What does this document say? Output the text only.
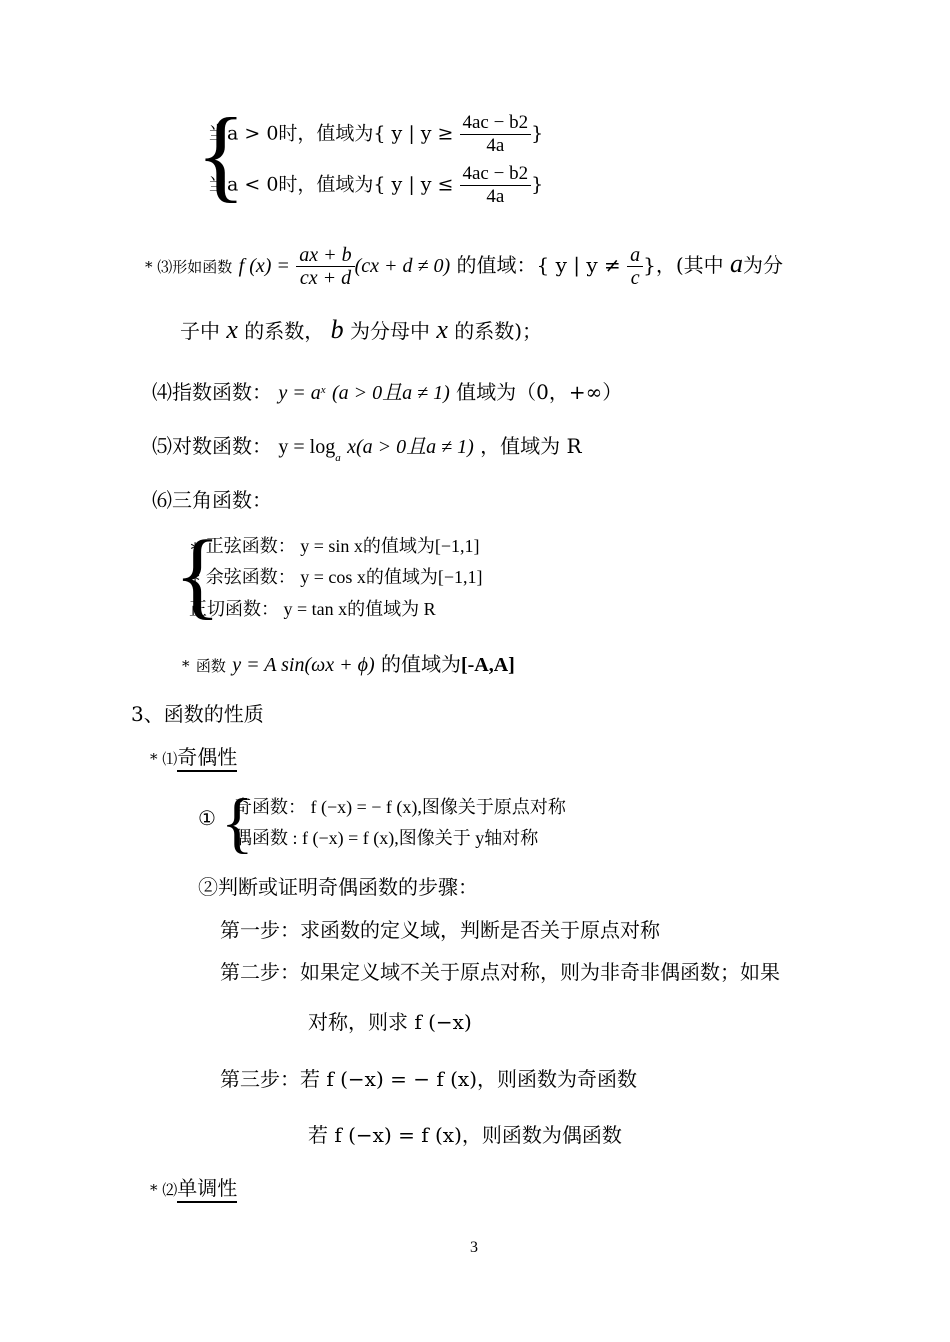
{
当a > 0时，值域为{ y | $y \ge \frac{4ac - b2}{4a}$ }
当a < 0时，值域为{ y | $y \le \frac{4ac - b2}{4a}$ }
* ⑶形如函数 f $(x) = \frac{ax + b}{cx + d} (cx + d \ne 0)$ 的值域：{ y | $y \ne \frac{a}{c}$ }，(其中 a为分
子中 x 的系数， b 为分母中 x 的系数)；
⑷指数函数： $y = a^x$ (a > 0且a ≠ 1) 值域为（0，+∞）
⑸对数函数： $y = \log_a x(a > 0$且a ≠ 1) ，值域为 R
⑹三角函数：
{
∗ 正弦函数： y = sin x的值域为[−1,1]
∗ 余弦函数： y = cos x的值域为[−1,1]
正切函数： y = tan x的值域为 R
* 函数 y = A sin(ωx + ϕ) 的值域为[-A,A]
3、函数的性质
* ⑴奇偶性
① {
奇函数： f (−x) = − f (x),图像关于原点对称
偶函数 : f (−x) = f (x),图像关于 y轴对称
②判断或证明奇偶函数的步骤：
第一步：求函数的定义域，判断是否关于原点对称
第二步：如果定义域不关于原点对称，则为非奇非偶函数；如果
对称，则求 f (−x)
第三步：若 f (−x) = − f (x)，则函数为奇函数
若 f (−x) = f (x)，则函数为偶函数
* ⑵单调性
3
